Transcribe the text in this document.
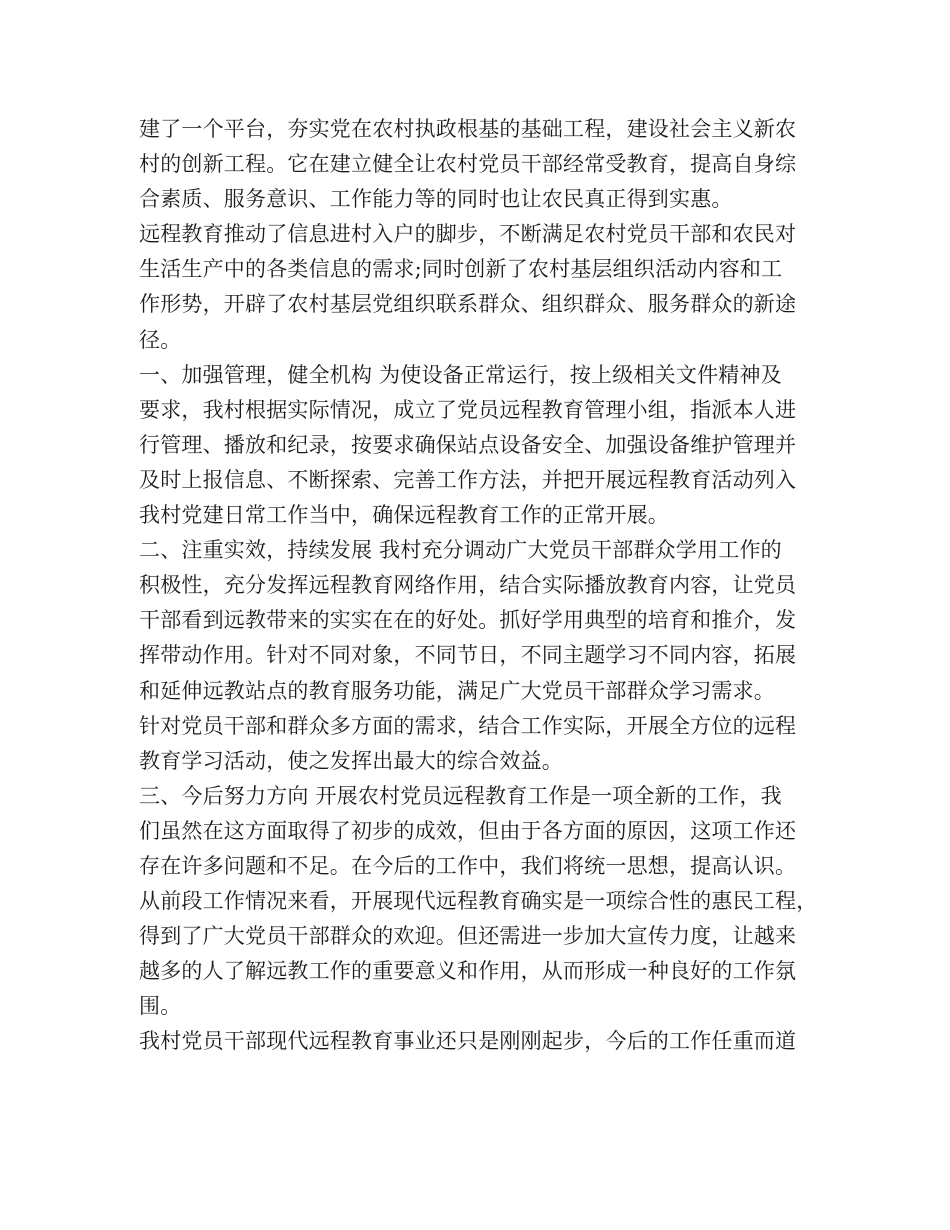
建了一个平台，夯实党在农村执政根基的基础工程，建设社会主义新农
村的创新工程。它在建立健全让农村党员干部经常受教育，提高自身综
合素质、服务意识、工作能力等的同时也让农民真正得到实惠。
远程教育推动了信息进村入户的脚步，不断满足农村党员干部和农民对
生活生产中的各类信息的需求;同时创新了农村基层组织活动内容和工
作形势，开辟了农村基层党组织联系群众、组织群众、服务群众的新途
径。
一、加强管理，健全机构 为使设备正常运行，按上级相关文件精神及
要求，我村根据实际情况，成立了党员远程教育管理小组，指派本人进
行管理、播放和纪录，按要求确保站点设备安全、加强设备维护管理并
及时上报信息、不断探索、完善工作方法，并把开展远程教育活动列入
我村党建日常工作当中，确保远程教育工作的正常开展。
二、注重实效，持续发展 我村充分调动广大党员干部群众学用工作的
积极性，充分发挥远程教育网络作用，结合实际播放教育内容，让党员
干部看到远教带来的实实在在的好处。抓好学用典型的培育和推介，发
挥带动作用。针对不同对象，不同节日，不同主题学习不同内容，拓展
和延伸远教站点的教育服务功能，满足广大党员干部群众学习需求。
针对党员干部和群众多方面的需求，结合工作实际，开展全方位的远程
教育学习活动，使之发挥出最大的综合效益。
三、今后努力方向 开展农村党员远程教育工作是一项全新的工作，我
们虽然在这方面取得了初步的成效，但由于各方面的原因，这项工作还
存在许多问题和不足。在今后的工作中，我们将统一思想，提高认识。
从前段工作情况来看，开展现代远程教育确实是一项综合性的惠民工程，
得到了广大党员干部群众的欢迎。但还需进一步加大宣传力度，让越来
越多的人了解远教工作的重要意义和作用，从而形成一种良好的工作氛
围。
我村党员干部现代远程教育事业还只是刚刚起步，今后的工作任重而道
